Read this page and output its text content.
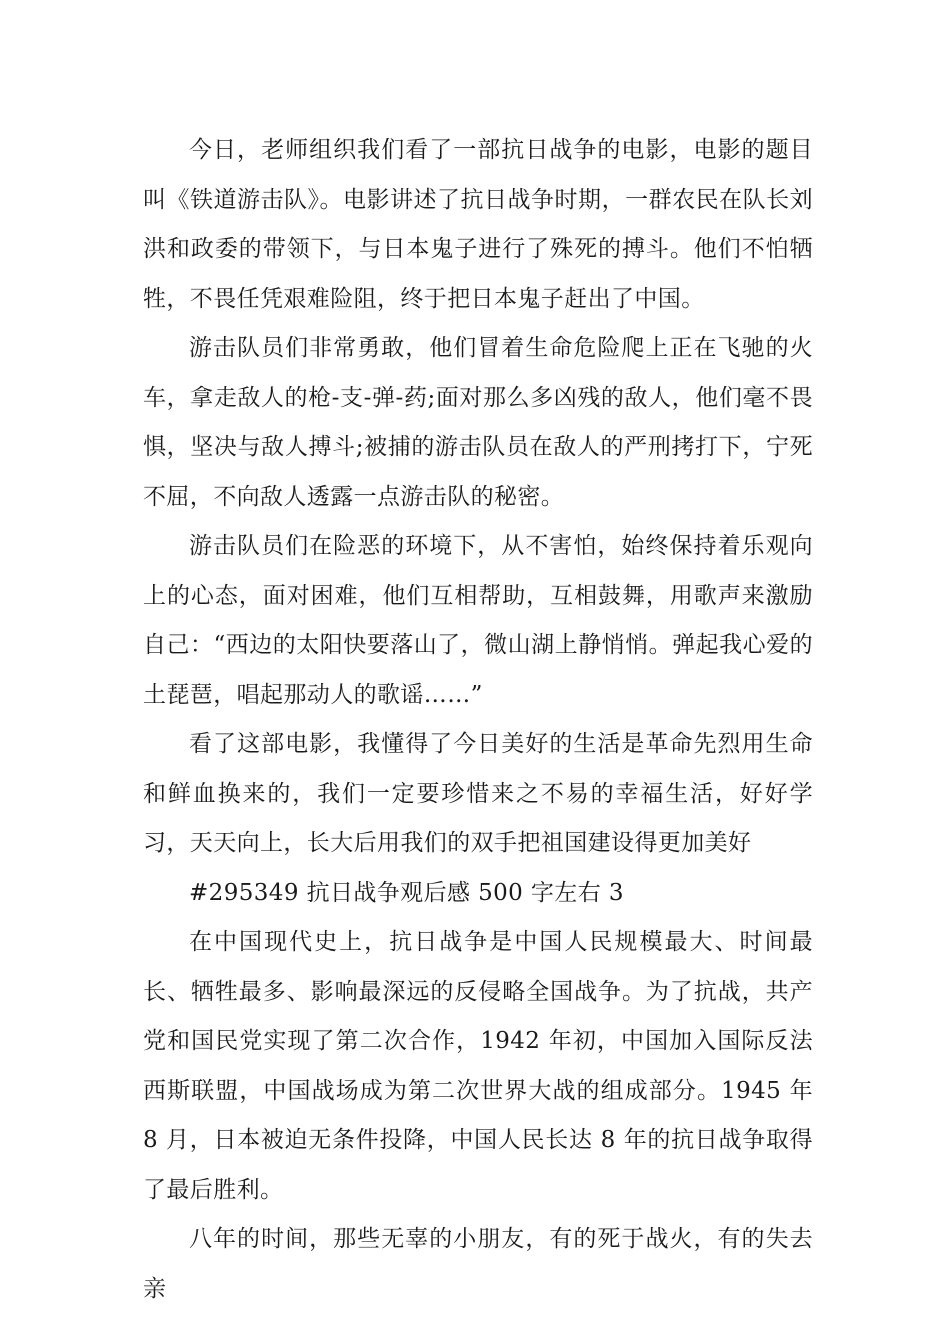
今日，老师组织我们看了一部抗日战争的电影，电影的题目叫《铁道游击队》。电影讲述了抗日战争时期，一群农民在队长刘洪和政委的带领下，与日本鬼子进行了殊死的搏斗。他们不怕牺牲，不畏任凭艰难险阻，终于把日本鬼子赶出了中国。

游击队员们非常勇敢，他们冒着生命危险爬上正在飞驰的火车，拿走敌人的枪-支-弹-药;面对那么多凶残的敌人，他们毫不畏惧，坚决与敌人搏斗;被捕的游击队员在敌人的严刑拷打下，宁死不屈，不向敌人透露一点游击队的秘密。

游击队员们在险恶的环境下，从不害怕，始终保持着乐观向上的心态，面对困难，他们互相帮助，互相鼓舞，用歌声来激励自己：“西边的太阳快要落山了，微山湖上静悄悄。弹起我心爱的土琵琶，唱起那动人的歌谣……”

看了这部电影，我懂得了今日美好的生活是革命先烈用生命和鲜血换来的，我们一定要珍惜来之不易的幸福生活，好好学习，天天向上，长大后用我们的双手把祖国建设得更加美好

#295349 抗日战争观后感 500 字左右 3

在中国现代史上，抗日战争是中国人民规模最大、时间最长、牺牲最多、影响最深远的反侵略全国战争。为了抗战，共产党和国民党实现了第二次合作，1942 年初，中国加入国际反法西斯联盟，中国战场成为第二次世界大战的组成部分。1945 年 8 月，日本被迫无条件投降，中国人民长达 8 年的抗日战争取得了最后胜利。

八年的时间，那些无辜的小朋友，有的死于战火，有的失去亲
